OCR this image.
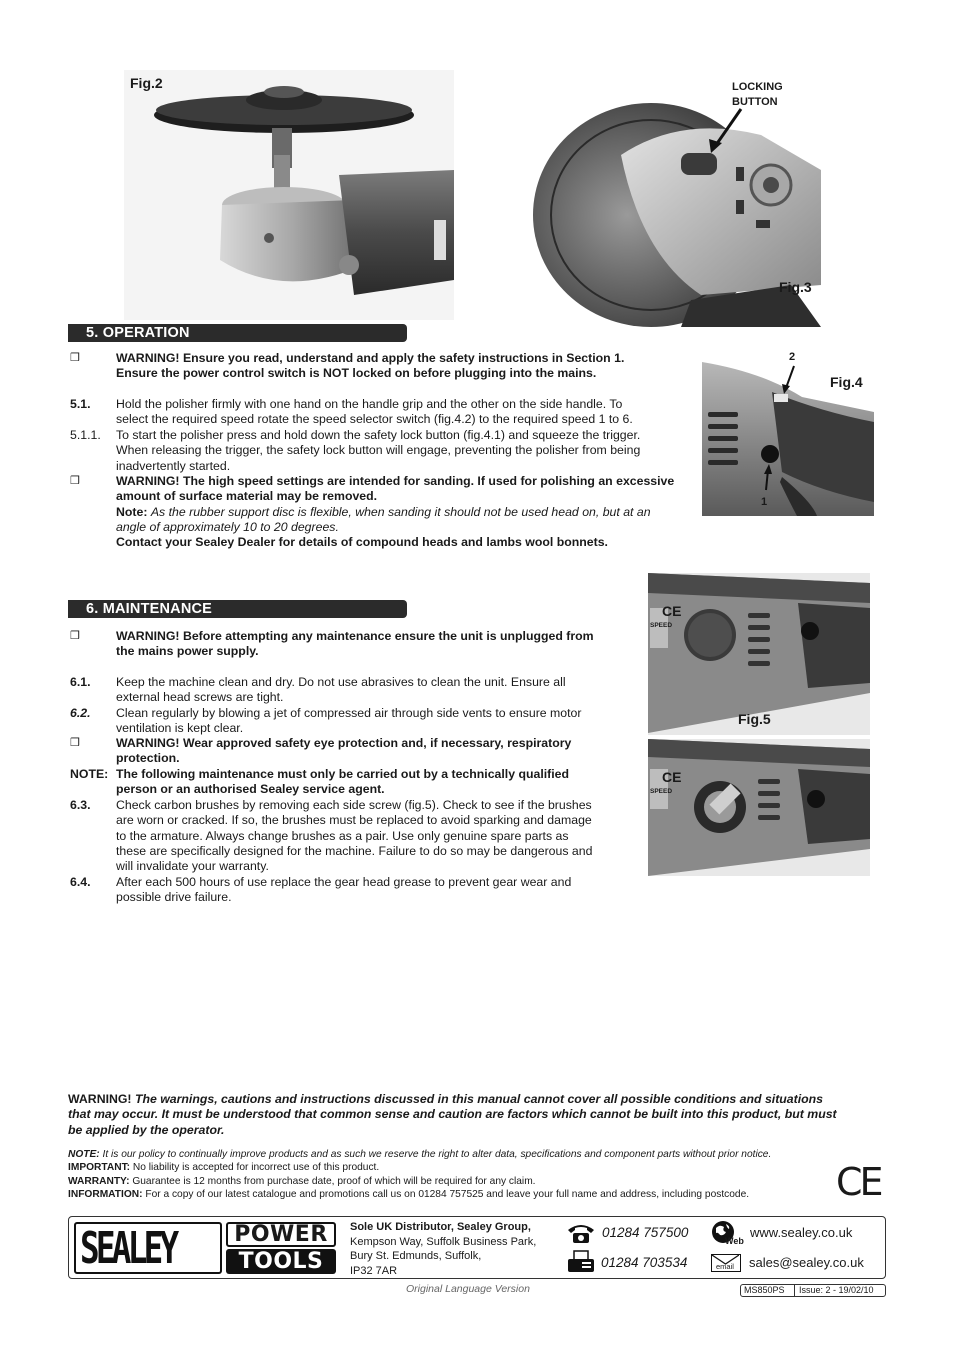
Fig.2	LOCKING
BUTTON
Fig.3
5. OPERATION
❒	WARNING! Ensure you read, understand and apply the safety instructions in Section 1.
Ensure the power control switch is NOT locked on before plugging into the mains.
5.1.	Hold the polisher firmly with one hand on the handle grip and the other on the side handle. To
select the required speed rotate the speed selector switch (fig.4.2) to the required speed 1 to 6.
5.1.1.	To start the polisher press and hold down the safety lock button (fig.4.1) and squeeze the trigger.
When releasing the trigger, the safety lock button will engage, preventing the polisher from being
inadvertently started.
❒	WARNING! The high speed settings are intended for sanding. If used for polishing an excessive
amount of surface material may be removed.
Note: As the rubber support disc is flexible, when sanding it should not be used head on, but at an
angle of approximately 10 to 20 degrees.
Contact your Sealey Dealer for details of compound heads and lambs wool bonnets.
2
1
Fig.4
6. MAINTENANCE
❒	WARNING! Before attempting any maintenance ensure the unit is unplugged from
the mains power supply.
6.1.	Keep the machine clean and dry. Do not use abrasives to clean the unit. Ensure all
external head screws are tight.
6.2.	Clean regularly by blowing a jet of compressed air through side vents to ensure motor
ventilation is kept clear.
❒	WARNING! Wear approved safety eye protection and, if necessary, respiratory
protection.
NOTE: The following maintenance must only be carried out by a technically qualified
person or an authorised Sealey service agent.
6.3.	Check carbon brushes by removing each side screw (fig.5). Check to see if the brushes
are worn or cracked. If so, the brushes must be replaced to avoid sparking and damage
to the armature. Always change brushes as a pair. Use only genuine spare parts as
these are specifically designed for the machine. Failure to do so may be dangerous and
will invalidate your warranty.
6.4.	After each 500 hours of use replace the gear head grease to prevent gear wear and
possible drive failure.
CE
SPEED
Fig.5
CE
SPEED
WARNING! The warnings, cautions and instructions discussed in this manual cannot cover all possible conditions and situations
that may occur. It must be understood that common sense and caution are factors which cannot be built into this product, but must
be applied by the operator.
NOTE: It is our policy to continually improve products and as such we reserve the right to alter data, specifications and component parts without prior notice.
IMPORTANT: No liability is accepted for incorrect use of this product.
WARRANTY: Guarantee is 12 months from purchase date, proof of which will be required for any claim.
INFORMATION: For a copy of our latest catalogue and promotions call us on 01284 757525 and leave your full name and address, including postcode. CE
SEALEY	POWER
TOOLS
Sole UK Distributor, Sealey Group,
Kempson Way, Suffolk Business Park,
Bury St. Edmunds, Suffolk,
IP32 7AR
01284 757500
01284 703534
Web
www.sealey.co.uk
email sales@sealey.co.uk
Original Language Version	MS850PS Issue: 2 - 19/02/10
